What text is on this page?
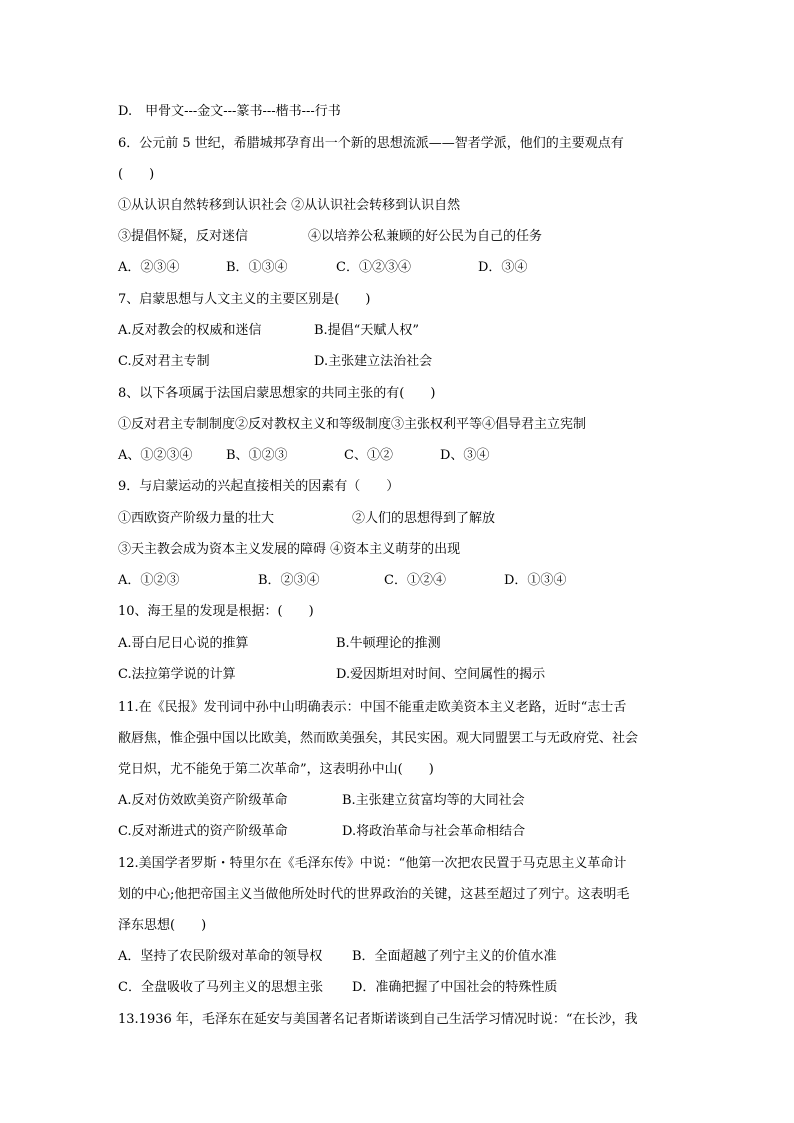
D.　甲骨文---金文---篆书---楷书---行书
6．公元前 5 世纪，希腊城邦孕育出一个新的思想流派——智者学派，他们的主要观点有
(　　)
①从认识自然转移到认识社会 ②从认识社会转移到认识自然
③提倡怀疑，反对迷信	④以培养公私兼顾的好公民为自己的任务
A．②③④	B．①③④	C．①②③④	D．③④
7、启蒙思想与人文主义的主要区别是(　　)
A.反对教会的权威和迷信	B.提倡“天赋人权”
C.反对君主专制	D.主张建立法治社会
8、以下各项属于法国启蒙思想家的共同主张的有(　　)
①反对君主专制制度②反对教权主义和等级制度③主张权利平等④倡导君主立宪制
A、①②③④	B、①②③	C、①②	D、③④
9．与启蒙运动的兴起直接相关的因素有（　　）
①西欧资产阶级力量的壮大	②人们的思想得到了解放
③天主教会成为资本主义发展的障碍 ④资本主义萌芽的出现
A．①②③	B．②③④	C．①②④	D．①③④
10、海王星的发现是根据：(　　)
A.哥白尼日心说的推算	B.牛顿理论的推测
C.法拉第学说的计算	D.爱因斯坦对时间、空间属性的揭示
11.在《民报》发刊词中孙中山明确表示：中国不能重走欧美资本主义老路，近时“志士舌
敝唇焦，惟企强中国以比欧美，然而欧美强矣，其民实困。观大同盟罢工与无政府党、社会
党日炽，尤不能免于第二次革命”，这表明孙中山(　　)
A.反对仿效欧美资产阶级革命	B.主张建立贫富均等的大同社会
C.反对渐进式的资产阶级革命	D.将政治革命与社会革命相结合
12.美国学者罗斯・特里尔在《毛泽东传》中说：“他第一次把农民置于马克思主义革命计
划的中心;他把帝国主义当做他所处时代的世界政治的关键，这甚至超过了列宁。这表明毛
泽东思想(　　)
A．坚持了农民阶级对革命的领导权 B．全面超越了列宁主义的价值水准
C．全盘吸收了马列主义的思想主张 D．准确把握了中国社会的特殊性质
13.1936 年，毛泽东在延安与美国著名记者斯诺谈到自己生活学习情况时说：“在长沙，我
